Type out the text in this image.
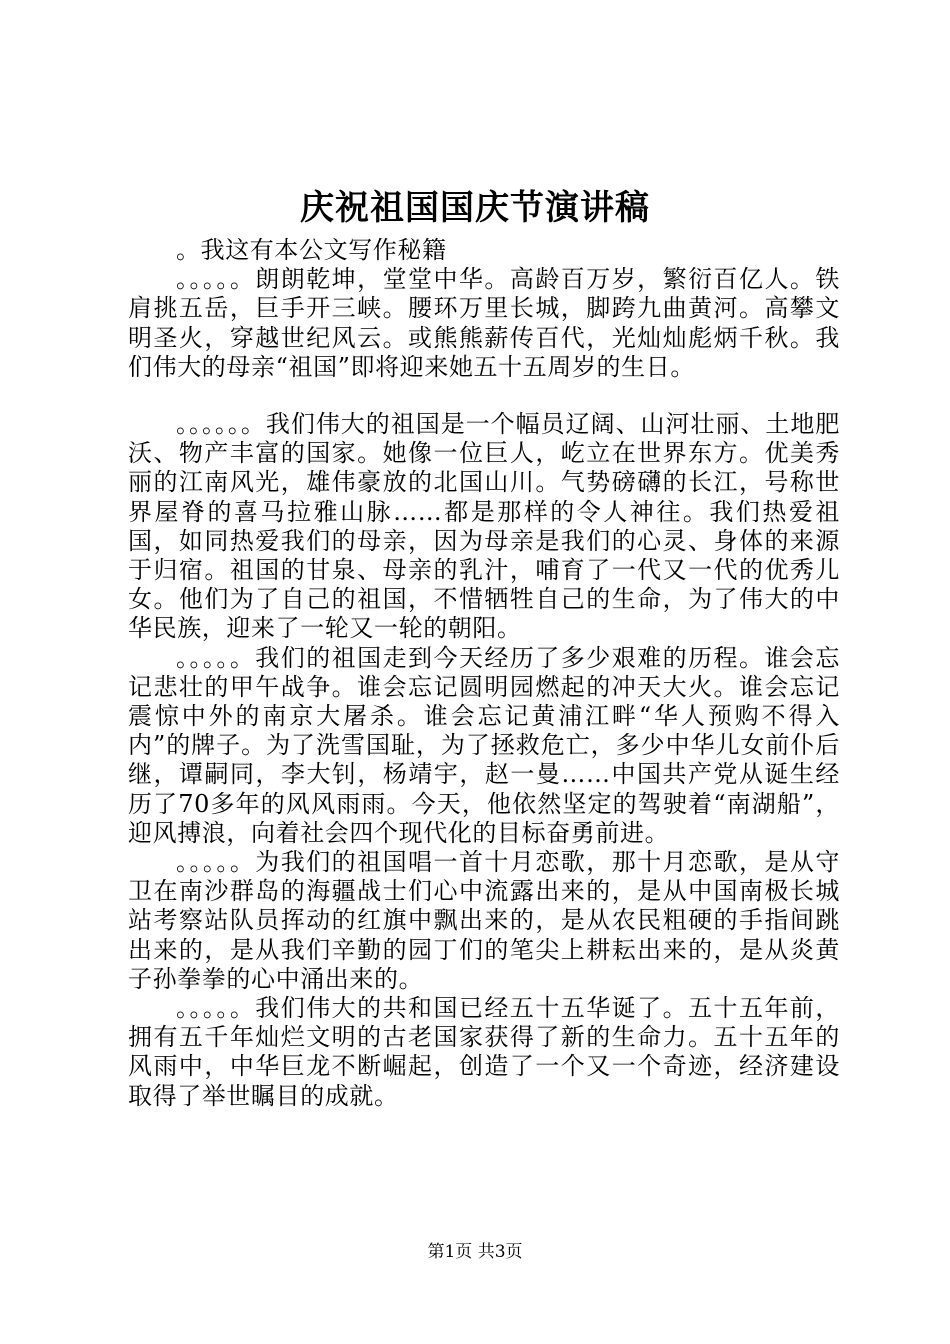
庆祝祖国国庆节演讲稿

。我这有本公文写作秘籍

。。。。。朗朗乾坤，堂堂中华。高龄百万岁，繁衍百亿人。铁肩挑五岳，巨手开三峡。腰环万里长城，脚跨九曲黄河。高攀文明圣火，穿越世纪风云。或熊熊薪传百代，光灿灿彪炳千秋。我们伟大的母亲“祖国”即将迎来她五十五周岁的生日。

。。。。。。我们伟大的祖国是一个幅员辽阔、山河壮丽、土地肥沃、物产丰富的国家。她像一位巨人，屹立在世界东方。优美秀丽的江南风光，雄伟豪放的北国山川。气势磅礴的长江，号称世界屋脊的喜马拉雅山脉……都是那样的令人神往。我们热爱祖国，如同热爱我们的母亲，因为母亲是我们的心灵、身体的来源于归宿。祖国的甘泉、母亲的乳汁，哺育了一代又一代的优秀儿女。他们为了自己的祖国，不惜牺牲自己的生命，为了伟大的中华民族，迎来了一轮又一轮的朝阳。

。。。。。我们的祖国走到今天经历了多少艰难的历程。谁会忘记悲壮的甲午战争。谁会忘记圆明园燃起的冲天大火。谁会忘记震惊中外的南京大屠杀。谁会忘记黄浦江畔“华人预购不得入内”的牌子。为了洗雪国耻，为了拯救危亡，多少中华儿女前仆后继，谭嗣同，李大钊，杨靖宇，赵一曼……中国共产党从诞生经历了70多年的风风雨雨。今天，他依然坚定的驾驶着“南湖船”，迎风搏浪，向着社会四个现代化的目标奋勇前进。

。。。。。为我们的祖国唱一首十月恋歌，那十月恋歌，是从守卫在南沙群岛的海疆战士们心中流露出来的，是从中国南极长城站考察站队员挥动的红旗中飘出来的，是从农民粗硬的手指间跳出来的，是从我们辛勤的园丁们的笔尖上耕耘出来的，是从炎黄子孙拳拳的心中涌出来的。

。。。。。我们伟大的共和国已经五十五华诞了。五十五年前，拥有五千年灿烂文明的古老国家获得了新的生命力。五十五年的风雨中，中华巨龙不断崛起，创造了一个又一个奇迹，经济建设取得了举世瞩目的成就。

第1页 共3页
